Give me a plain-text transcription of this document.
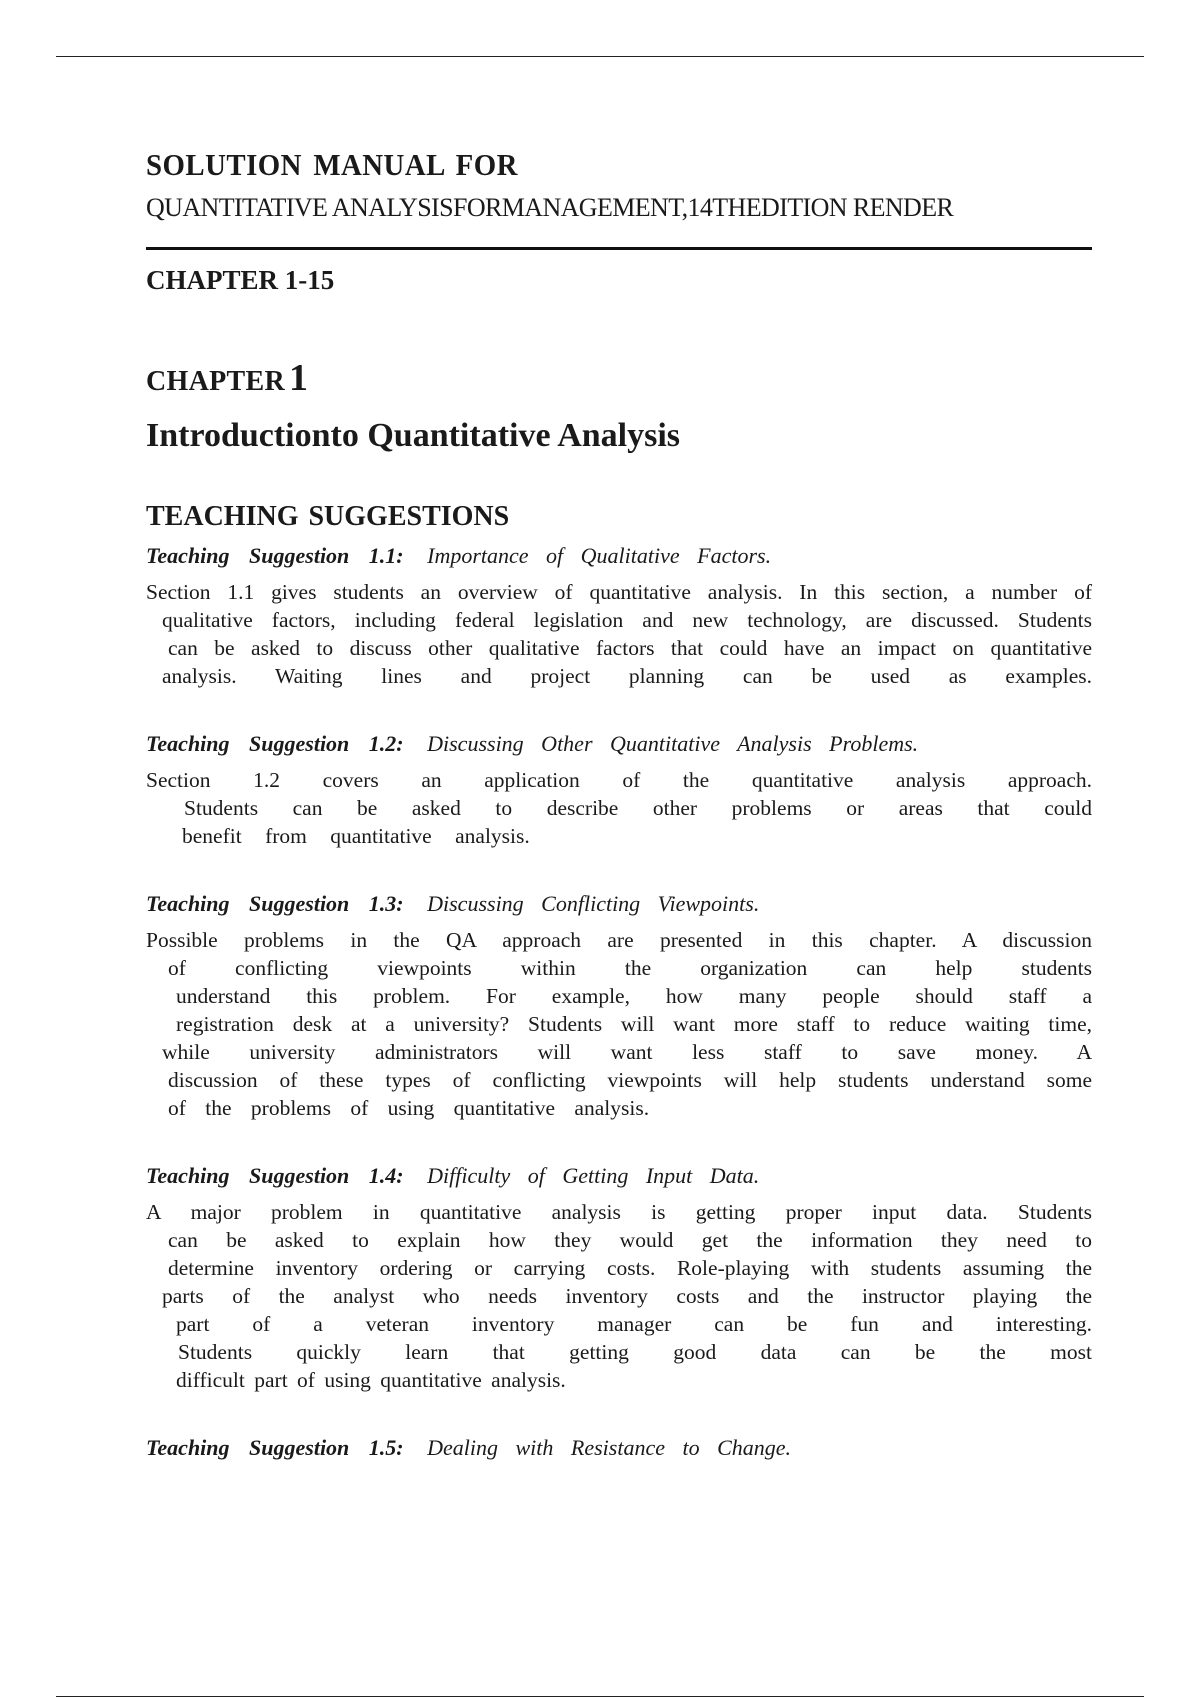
SOLUTION MANUAL FOR
QUANTITATIVE ANALYSISFORMANAGEMENT,14THEDITION RENDER
CHAPTER 1-15
CHAPTER 1
Introductionto Quantitative Analysis
TEACHING SUGGESTIONS
Teaching Suggestion 1.1: Importance of Qualitative Factors.

Section 1.1 gives students an overview of quantitative analysis. In this section, a number of

qualitative factors, including federal legislation and new technology, are discussed. Students

can be asked to discuss other qualitative factors that could have an impact on quantitative

analysis. Waiting lines and project planning can be used as examples.

Teaching Suggestion 1.2: Discussing Other Quantitative Analysis Problems.

Section 1.2 covers an application of the quantitative analysis approach.

Students can be asked to describe other problems or areas that could

benefit from quantitative analysis.

Teaching Suggestion 1.3: Discussing Conflicting Viewpoints.

Possible problems in the QA approach are presented in this chapter. A discussion

of conflicting viewpoints within the organization can help students

understand this problem. For example, how many people should staff a

registration desk at a university? Students will want more staff to reduce waiting time,

while university administrators will want less staff to save money. A

discussion of these types of conflicting viewpoints will help students understand some

of the problems of using quantitative analysis.

Teaching Suggestion 1.4: Difficulty of Getting Input Data.

A major problem in quantitative analysis is getting proper input data. Students

can be asked to explain how they would get the information they need to

determine inventory ordering or carrying costs. Role-playing with students assuming the

parts of the analyst who needs inventory costs and the instructor playing the

part of a veteran inventory manager can be fun and interesting.

Students quickly learn that getting good data can be the most

difficult part of using quantitative analysis.

Teaching Suggestion 1.5: Dealing with Resistance to Change.
